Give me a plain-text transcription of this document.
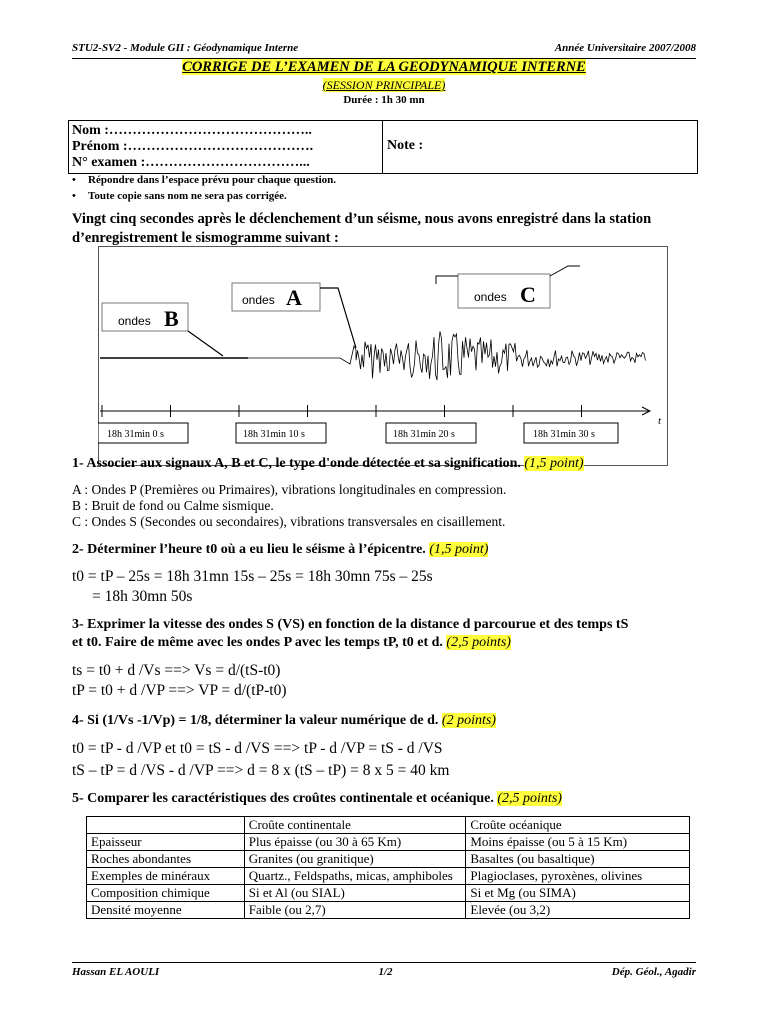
STU2-SV2 - Module GII : Géodynamique Interne	Année Universitaire 2007/2008
CORRIGE DE L’EXAMEN DE LA GEODYNAMIQUE INTERNE
(SESSION PRINCIPALE)
Durée : 1h 30 mn
Nom :……………………………………..
Prénom :………………………………….
N° examen :……………………………...
Note :
• Répondre dans l’espace prévu pour chaque question.
• Toute copie sans nom ne sera pas corrigée.
Vingt cinq secondes après le déclenchement d’un séisme, nous avons enregistré dans la station d’enregistrement le sismogramme suivant :
ondes B
ondes A	ondes C
t
18h 31min 0 s	18h 31min 10 s	18h 31min 20 s	18h 31min 30 s
1- Associer aux signaux A, B et C, le type d'onde détectée et sa signification. (1,5 point)
A : Ondes P (Premières ou Primaires), vibrations longitudinales en compression.
B : Bruit de fond ou Calme sismique.
C : Ondes S (Secondes ou secondaires), vibrations transversales en cisaillement.
2- Déterminer l’heure t0 où a eu lieu le séisme à l’épicentre. (1,5 point)
t0 = tP – 25s = 18h 31mn 15s – 25s = 18h 30mn 75s – 25s
= 18h 30mn 50s
3- Exprimer la vitesse des ondes S (VS) en fonction de la distance d parcourue et des temps tS
et t0. Faire de même avec les ondes P avec les temps tP, t0 et d. (2,5 points)
ts = t0 + d /Vs ==> Vs = d/(tS-t0)
tP = t0 + d /VP ==> VP = d/(tP-t0)
4- Si (1/Vs -1/Vp) = 1/8, déterminer la valeur numérique de d. (2 points)
t0 = tP - d /VP et t0 = tS - d /VS ==> tP - d /VP = tS - d /VS
tS – tP = d /VS - d /VP ==> d = 8 x (tS – tP) = 8 x 5 = 40 km
5- Comparer les caractéristiques des croûtes continentale et océanique. (2,5 points)
	Croûte continentale	Croûte océanique
Epaisseur	Plus épaisse (ou 30 à 65 Km)	Moins épaisse (ou 5 à 15 Km)
Roches abondantes	Granites (ou granitique)	Basaltes (ou basaltique)
Exemples de minéraux	Quartz., Feldspaths, micas, amphiboles	Plagioclases, pyroxènes, olivines
Composition chimique	Si et Al (ou SIAL)	Si et Mg (ou SIMA)
Densité moyenne	Faible (ou 2,7)	Elevée (ou 3,2)
Hassan EL AOULI	1/2	Dép. Géol., Agadir
